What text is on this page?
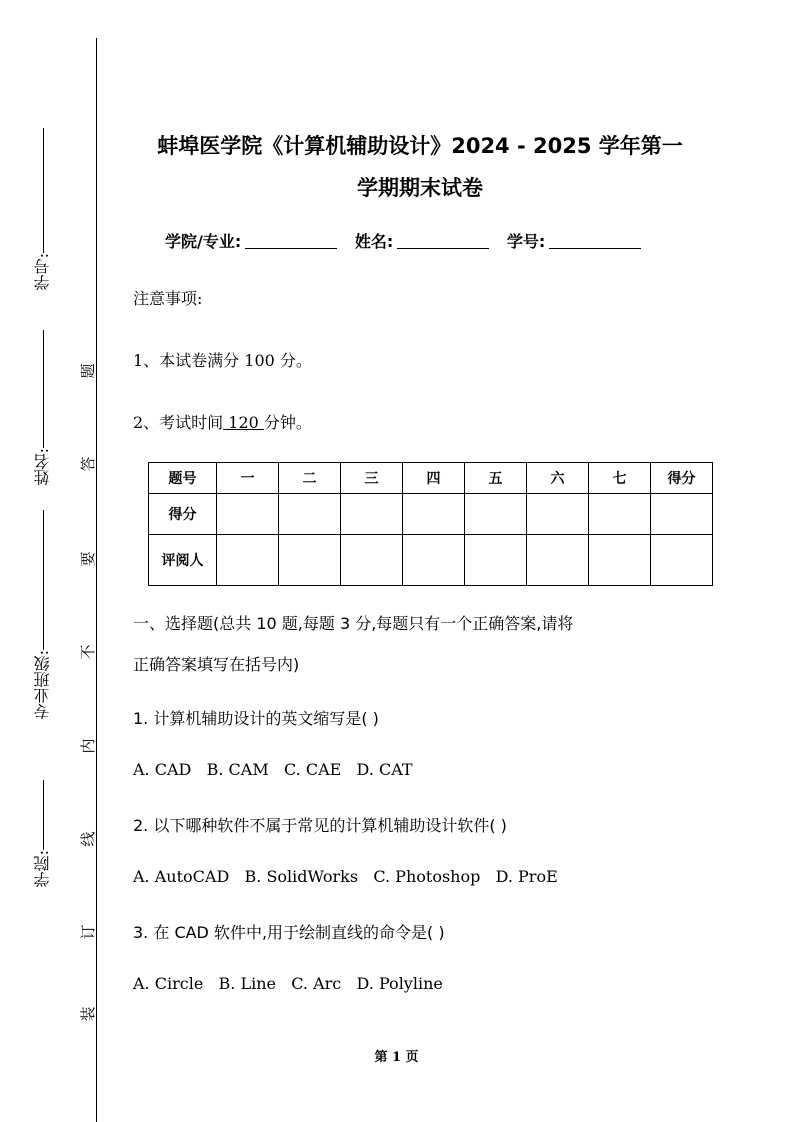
学号:
姓名:
专业班级:
学院:
题
答
要
不
内
线
订
装
蚌埠医学院《计算机辅助设计》2024 - 2025 学年第一
学期期末试卷
学院/专业:	姓名:	学号:
注意事项:
1、本试卷满分 100 分。
2、考试时间 120 分钟。
题号	一	二	三	四	五	六	七	得分
得分								
评阅人								
一、选择题(总共 10 题,每题 3 分,每题只有一个正确答案,请将
正确答案填写在括号内)
1. 计算机辅助设计的英文缩写是( )
A. CAD   B. CAM   C. CAE   D. CAT
2. 以下哪种软件不属于常见的计算机辅助设计软件( )
A. AutoCAD   B. SolidWorks   C. Photoshop   D. ProE
3. 在 CAD 软件中,用于绘制直线的命令是( )
A. Circle   B. Line   C. Arc   D. Polyline
第 1 页
